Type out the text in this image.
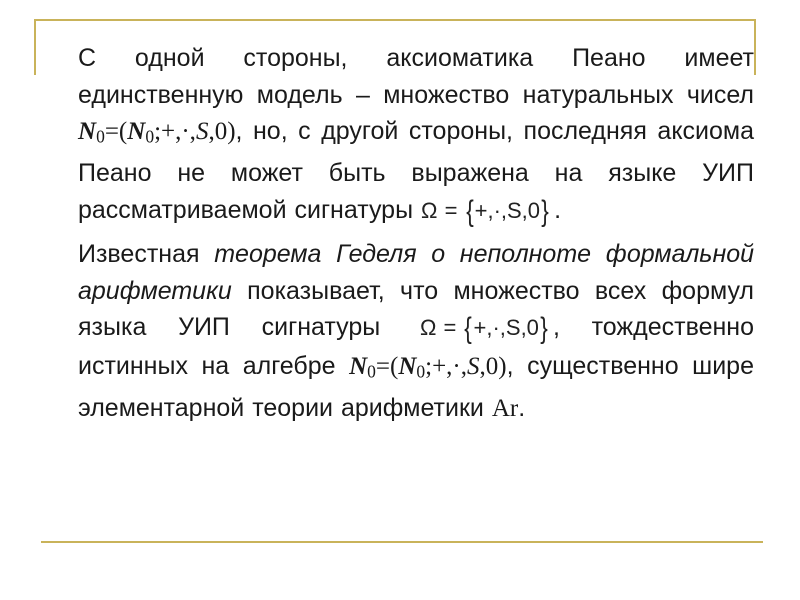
С одной стороны, аксиоматика Пеано имеет единственную модель – множество натуральных чисел $N_0=(N_0;+,\cdot,S,0)$, но, с другой стороны, последняя аксиома Пеано не может быть выражена на языке УИП рассматриваемой сигнатуры Ω = {+,·,S,0} .

Известная теорема Геделя о неполноте формальной арифметики показывает, что множество всех формул языка УИП сигнатуры Ω = {+,·,S,0} , тождественно истинных на алгебре $N_0=(N_0;+,\cdot,S,0)$, существенно шире элементарной теории арифметики Ar.
